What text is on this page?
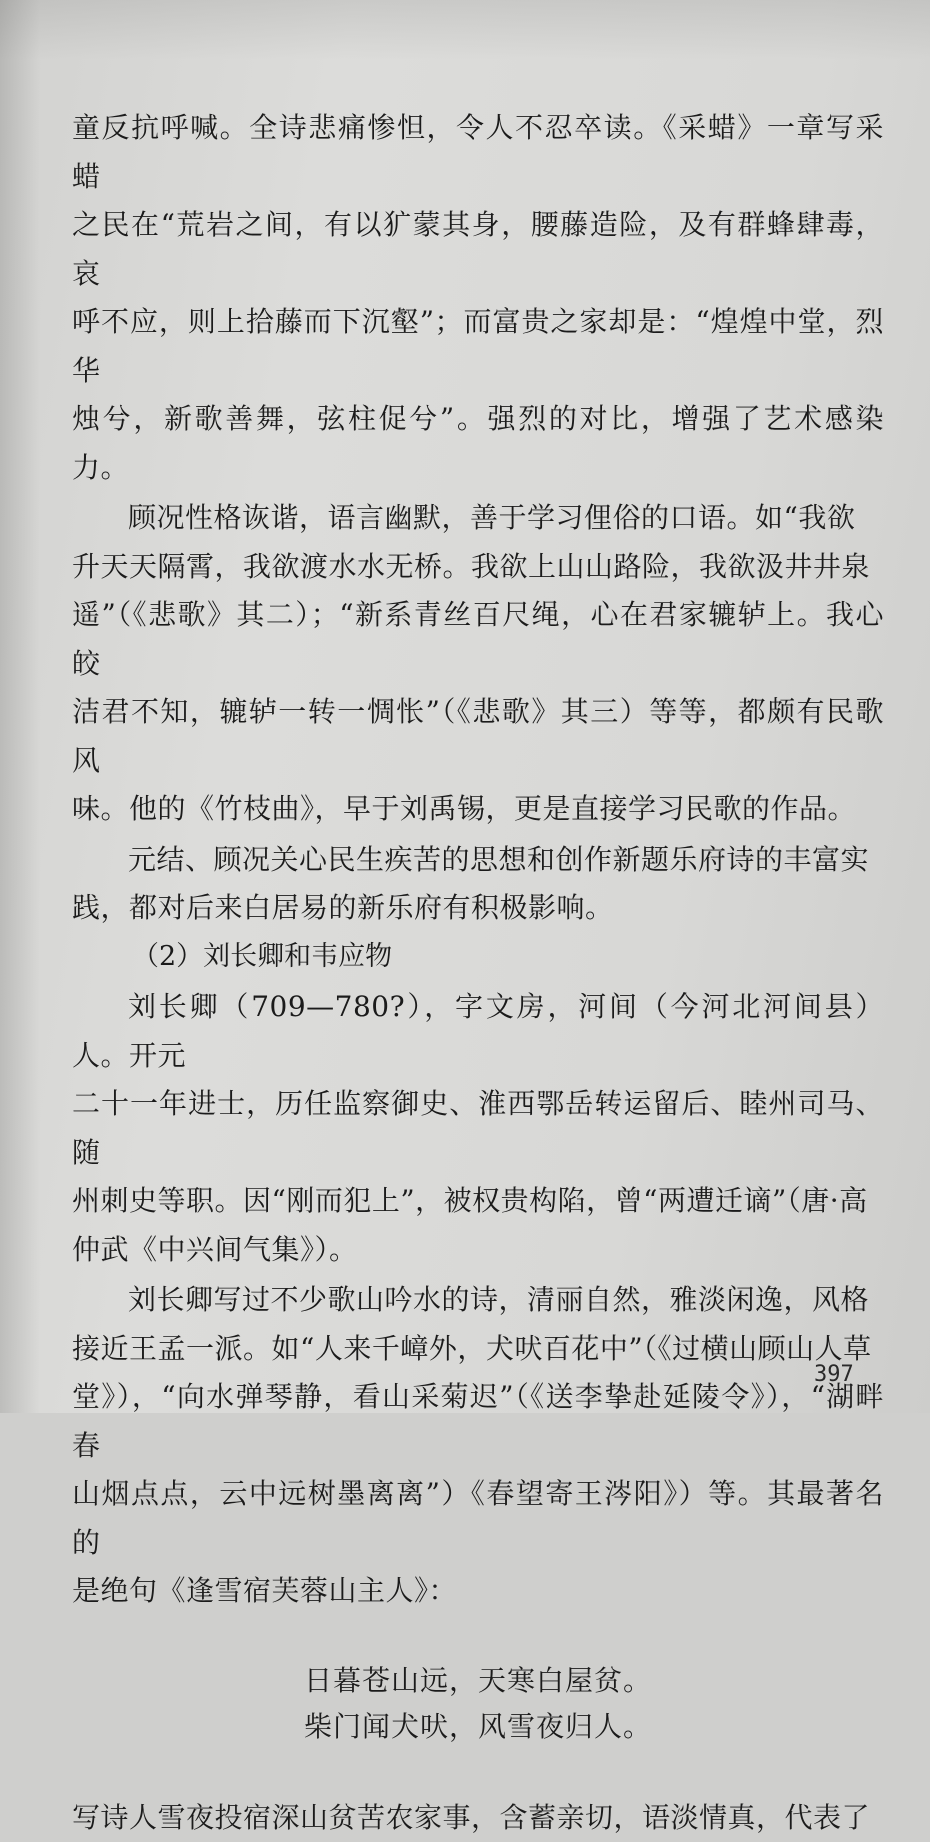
童反抗呼喊。全诗悲痛惨怛，令人不忍卒读。《采蜡》一章写采蜡
之民在“荒岩之间，有以犷蒙其身，腰藤造险，及有群蜂肆毒，哀
呼不应，则上拾藤而下沉壑”；而富贵之家却是：“煌煌中堂，烈华
烛兮，新歌善舞，弦柱促兮”。强烈的对比，增强了艺术感染力。

顾况性格诙谐，语言幽默，善于学习俚俗的口语。如“我欲
升天天隔霄，我欲渡水水无桥。我欲上山山路险，我欲汲井井泉
遥”（《悲歌》其二）；“新系青丝百尺绳，心在君家辘轳上。我心皎
洁君不知，辘轳一转一惆怅”（《悲歌》其三）等等，都颇有民歌风
味。他的《竹枝曲》，早于刘禹锡，更是直接学习民歌的作品。

元结、顾况关心民生疾苦的思想和创作新题乐府诗的丰富实
践，都对后来白居易的新乐府有积极影响。

（2）刘长卿和韦应物

刘长卿（709—780?），字文房，河间（今河北河间县）人。开元
二十一年进士，历任监察御史、淮西鄂岳转运留后、睦州司马、随
州刺史等职。因“刚而犯上”，被权贵构陷，曾“两遭迁谪”（唐·高
仲武《中兴间气集》）。

刘长卿写过不少歌山吟水的诗，清丽自然，雅淡闲逸，风格
接近王孟一派。如“人来千嶂外，犬吠百花中”（《过横山顾山人草
堂》），“向水弹琴静，看山采菊迟”（《送李挚赴延陵令》），“湖畔春
山烟点点，云中远树墨离离”）《春望寄王涔阳》）等。其最著名的
是绝句《逢雪宿芙蓉山主人》：

日暮苍山远，天寒白屋贫。

柴门闻犬吠，风雪夜归人。

写诗人雪夜投宿深山贫苦农家事，含蓄亲切，语淡情真，代表了

397
